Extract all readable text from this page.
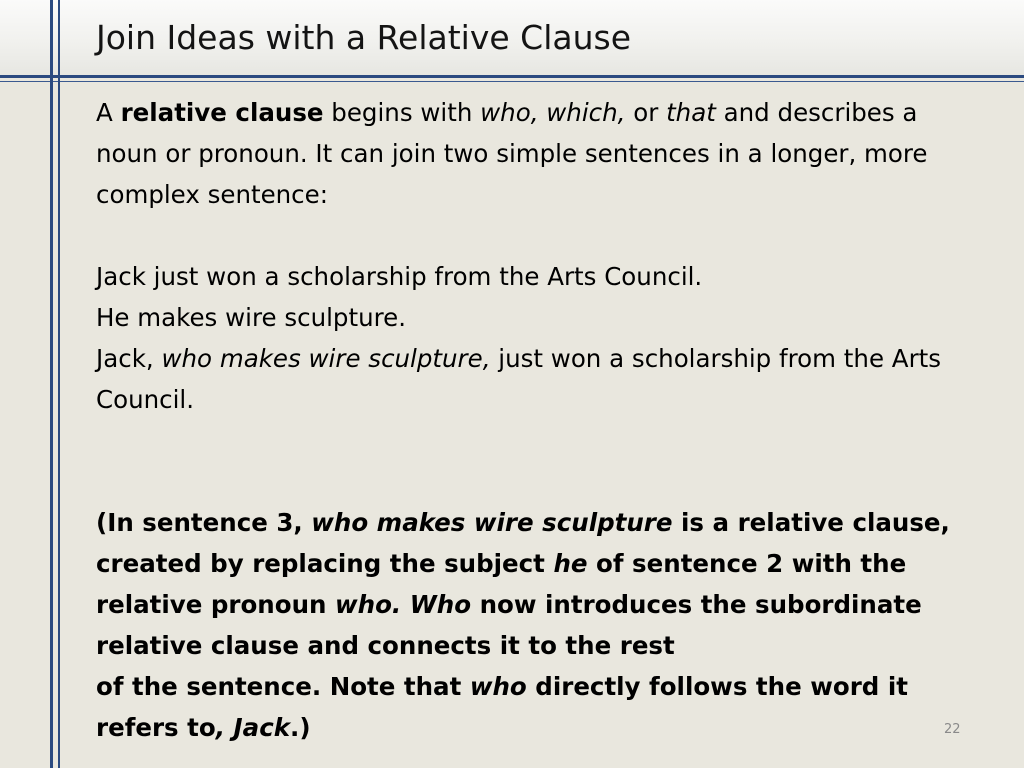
Join Ideas with a Relative Clause

A relative clause begins with who, which, or that and describes a noun or pronoun. It can join two simple sentences in a longer, more complex sentence:

Jack just won a scholarship from the Arts Council.

He makes wire sculpture.

Jack, who makes wire sculpture, just won a scholarship from the Arts Council.

(In sentence 3, who makes wire sculpture is a relative clause, created by replacing the subject he of sentence 2 with the relative pronoun who. Who now introduces the subordinate relative clause and connects it to the rest

of the sentence. Note that who directly follows the word it refers to, Jack.)	22
